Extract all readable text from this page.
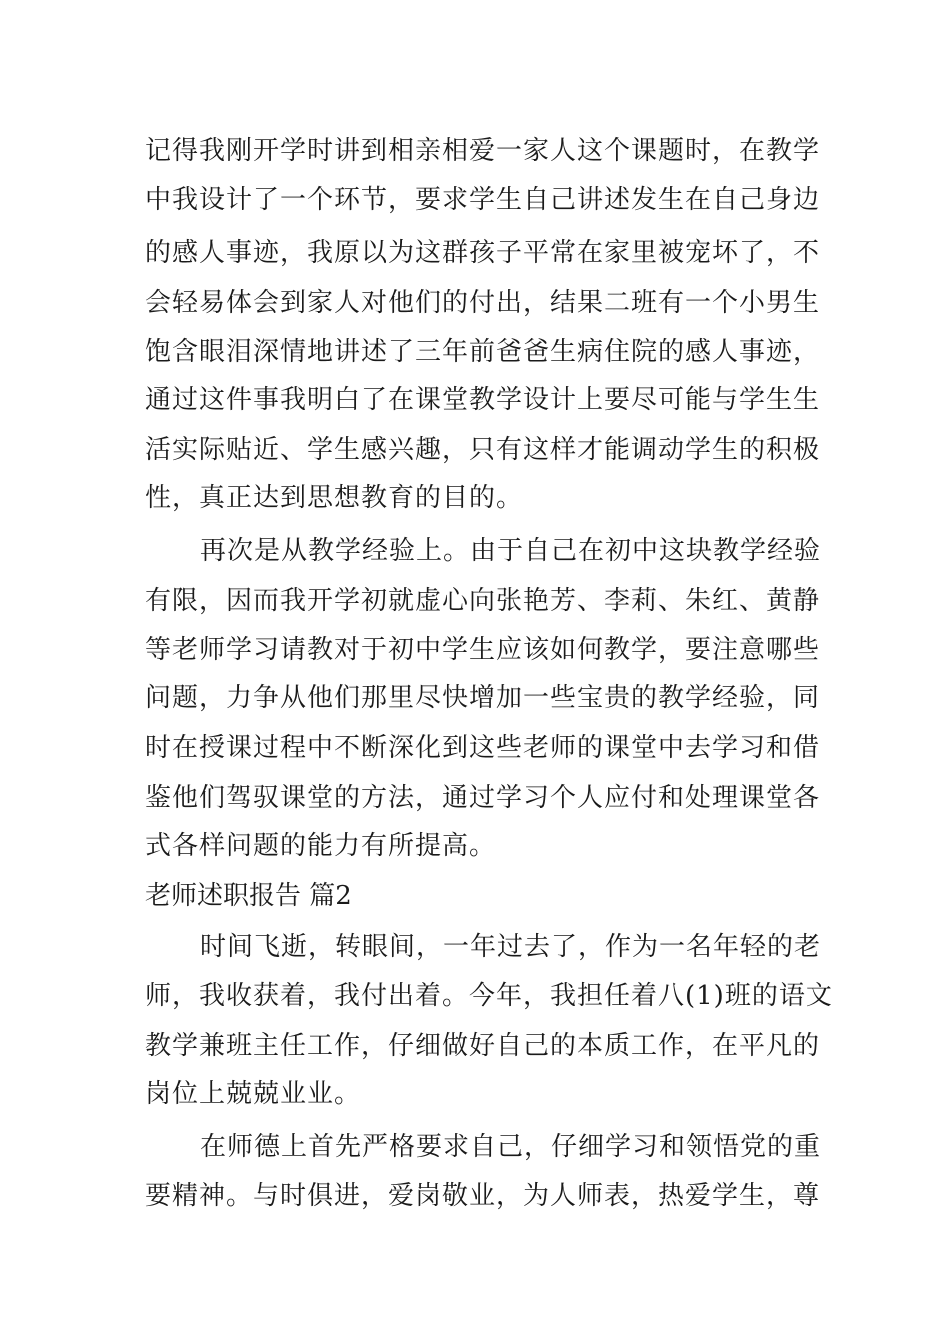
记得我刚开学时讲到相亲相爱一家人这个课题时，在教学
中我设计了一个环节，要求学生自己讲述发生在自己身边
的感人事迹，我原以为这群孩子平常在家里被宠坏了，不
会轻易体会到家人对他们的付出，结果二班有一个小男生
饱含眼泪深情地讲述了三年前爸爸生病住院的感人事迹，
通过这件事我明白了在课堂教学设计上要尽可能与学生生
活实际贴近、学生感兴趣，只有这样才能调动学生的积极
性，真正达到思想教育的目的。
再次是从教学经验上。由于自己在初中这块教学经验
有限，因而我开学初就虚心向张艳芳、李莉、朱红、黄静
等老师学习请教对于初中学生应该如何教学，要注意哪些
问题，力争从他们那里尽快增加一些宝贵的教学经验，同
时在授课过程中不断深化到这些老师的课堂中去学习和借
鉴他们驾驭课堂的方法，通过学习个人应付和处理课堂各
式各样问题的能力有所提高。
老师述职报告 篇2
时间飞逝，转眼间，一年过去了，作为一名年轻的老
师，我收获着，我付出着。今年，我担任着八(1)班的语文
教学兼班主任工作，仔细做好自己的本质工作，在平凡的
岗位上兢兢业业。
在师德上首先严格要求自己，仔细学习和领悟党的重
要精神。与时俱进，爱岗敬业，为人师表，热爱学生，尊
